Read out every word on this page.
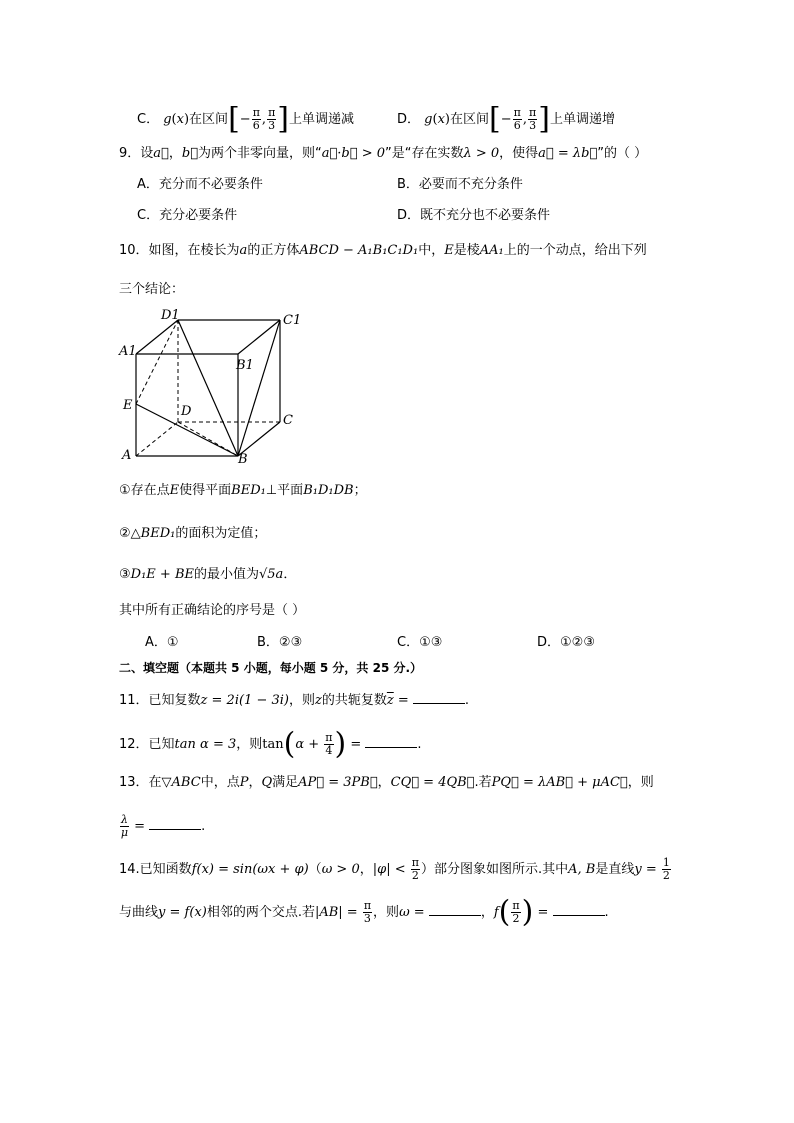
C． g(x)在区间[− $\frac{\pi}{6}$ , $\frac{\pi}{3}$ ]上单调递减	D． g(x)在区间[− $\frac{\pi}{6}$ , $\frac{\pi}{3}$ ]上单调递增
9．设a⃗，b⃗为两个非零向量，则“a⃗·b⃗ > 0”是“存在实数λ > 0，使得a⃗ = λb⃗”的（ ）
A．充分而不必要条件	B．必要而不充分条件
C．充分必要条件	D．既不充分也不必要条件
10．如图，在棱长为a的正方体ABCD − A₁B₁C₁D₁中，E是棱AA₁上的一个动点，给出下列
三个结论：
D1	C1
A1
B1
E	D
C
A	B
①存在点E使得平面BED₁⊥平面B₁D₁DB；
②△BED₁的面积为定值；
③D₁E + BE的最小值为√5a．
其中所有正确结论的序号是（ ）
A．①	B．②③	C．①③	D．①②③
二、填空题（本题共 5 小题，每小题 5 分，共 25 分.）
11．已知复数z = 2i(1 − 3i)，则z的共轭复数$\overline{z}$ =	.
12．已知tan α = 3，则$\tan(\alpha + \frac{\pi}{4}$ ) =	.
13．在▽ABC中，点P，Q满足AP⃗ = 3PB⃗，CQ⃗ = 4QB⃗.若PQ⃗ = λAB⃗ + μAC⃗，则
$\frac{\lambda}{\mu}$ =	.
14.已知函数f(x) = sin(ωx + φ)（ω > 0，$|\varphi| < \frac{\pi}{2}$ ）部分图象如图所示.其中A, B是直线$y = \frac{1}{2}$
与曲线y = f(x)相邻的两个交点.若$|AB| = \frac{\pi}{3}$ ，则ω =	，$f( \frac{\pi}{2}$ ) =	.
